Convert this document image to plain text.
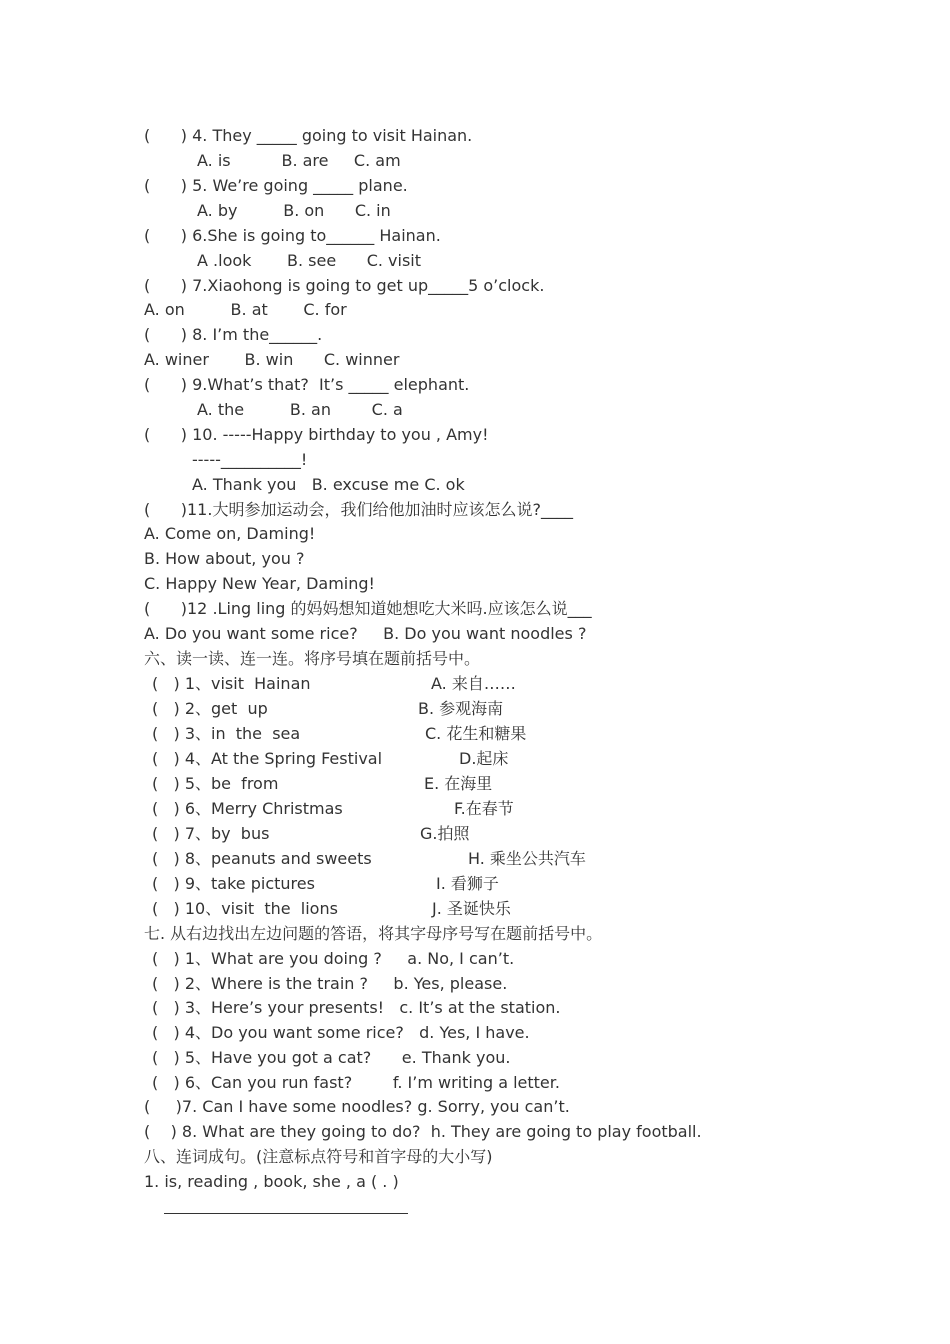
(      ) 4. They _____ going to visit Hainan.
A. is          B. are     C. am
(      ) 5. We’re going _____ plane.
A. by         B. on      C. in
(      ) 6.She is going to______ Hainan.
A .look       B. see      C. visit
(      ) 7.Xiaohong is going to get up_____5 o’clock.
A. on         B. at       C. for
(      ) 8. I’m the______.
A. winer       B. win      C. winner
(      ) 9.What’s that?  It’s _____ elephant.
A. the         B. an        C. a
(      ) 10. -----Happy birthday to you , Amy!
-----__________!
A. Thank you   B. excuse me C. ok
(      )11.大明参加运动会，我们给他加油时应该怎么说?____
A. Come on, Daming!
B. How about, you ?
C. Happy New Year, Daming!
(      )12 .Ling ling 的妈妈想知道她想吃大米吗.应该怎么说___
A. Do you want some rice?     B. Do you want noodles ?
六、读一读、连一连。将序号填在题前括号中。
(   ) 1、visit  Hainan	A. 来自……
(   ) 2、get  up	B. 参观海南
(   ) 3、in  the  sea	C. 花生和糖果
(   ) 4、At the Spring Festival	D.起床
(   ) 5、be  from	E. 在海里
(   ) 6、Merry Christmas	F.在春节
(   ) 7、by  bus	G.拍照
(   ) 8、peanuts and sweets	H. 乘坐公共汽车
(   ) 9、take pictures	I. 看狮子
(   ) 10、visit  the  lions	J. 圣诞快乐
七. 从右边找出左边问题的答语，将其字母序号写在题前括号中。
(   ) 1、What are you doing ?     a. No, I can’t.
(   ) 2、Where is the train ?     b. Yes, please.
(   ) 3、Here’s your presents!   c. It’s at the station.
(   ) 4、Do you want some rice?   d. Yes, I have.
(   ) 5、Have you got a cat?      e. Thank you.
(   ) 6、Can you run fast?        f. I’m writing a letter.
(     )7. Can I have some noodles? g. Sorry, you can’t.
(    ) 8. What are they going to do?  h. They are going to play football.
八、连词成句。(注意标点符号和首字母的大小写)
1. is, reading , book, she , a ( . )
